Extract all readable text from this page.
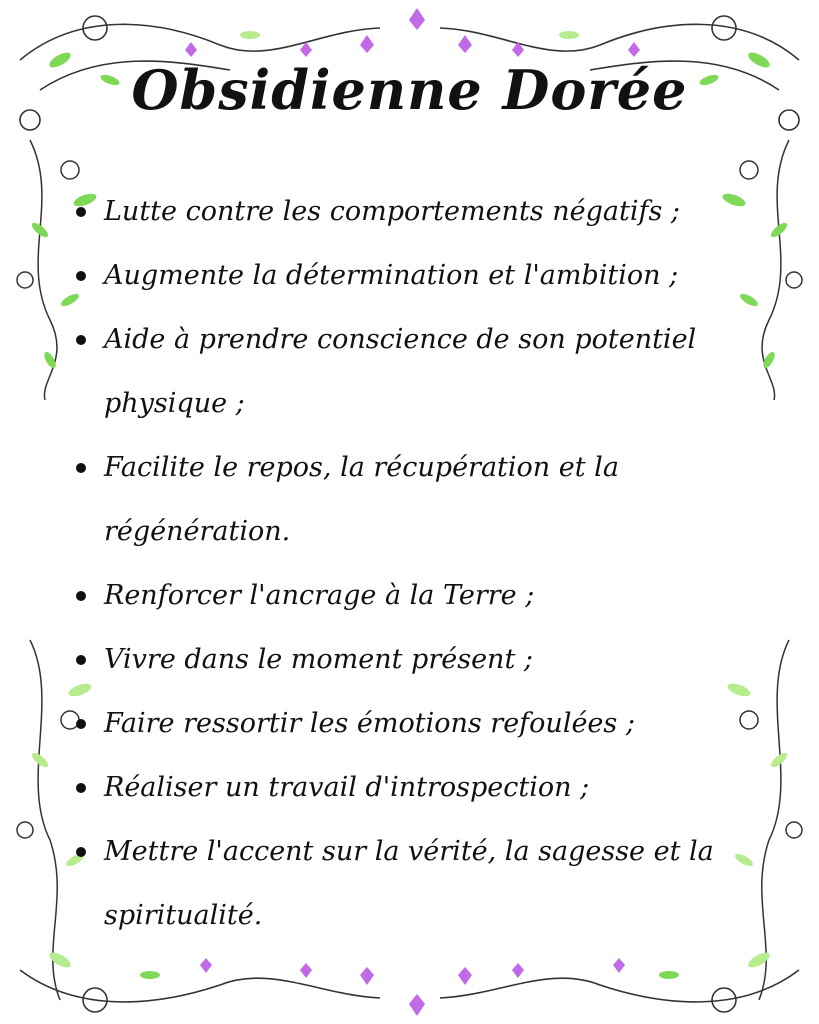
Obsidienne Dorée
Lutte contre les comportements négatifs ;
Augmente la détermination et l'ambition ;
Aide à prendre conscience de son potentiel physique ;
Facilite le repos, la récupération et la régénération.
Renforcer l'ancrage à la Terre ;
Vivre dans le moment présent ;
Faire ressortir les émotions refoulées ;
Réaliser un travail d'introspection ;
Mettre l'accent sur la vérité, la sagesse et la spiritualité.
